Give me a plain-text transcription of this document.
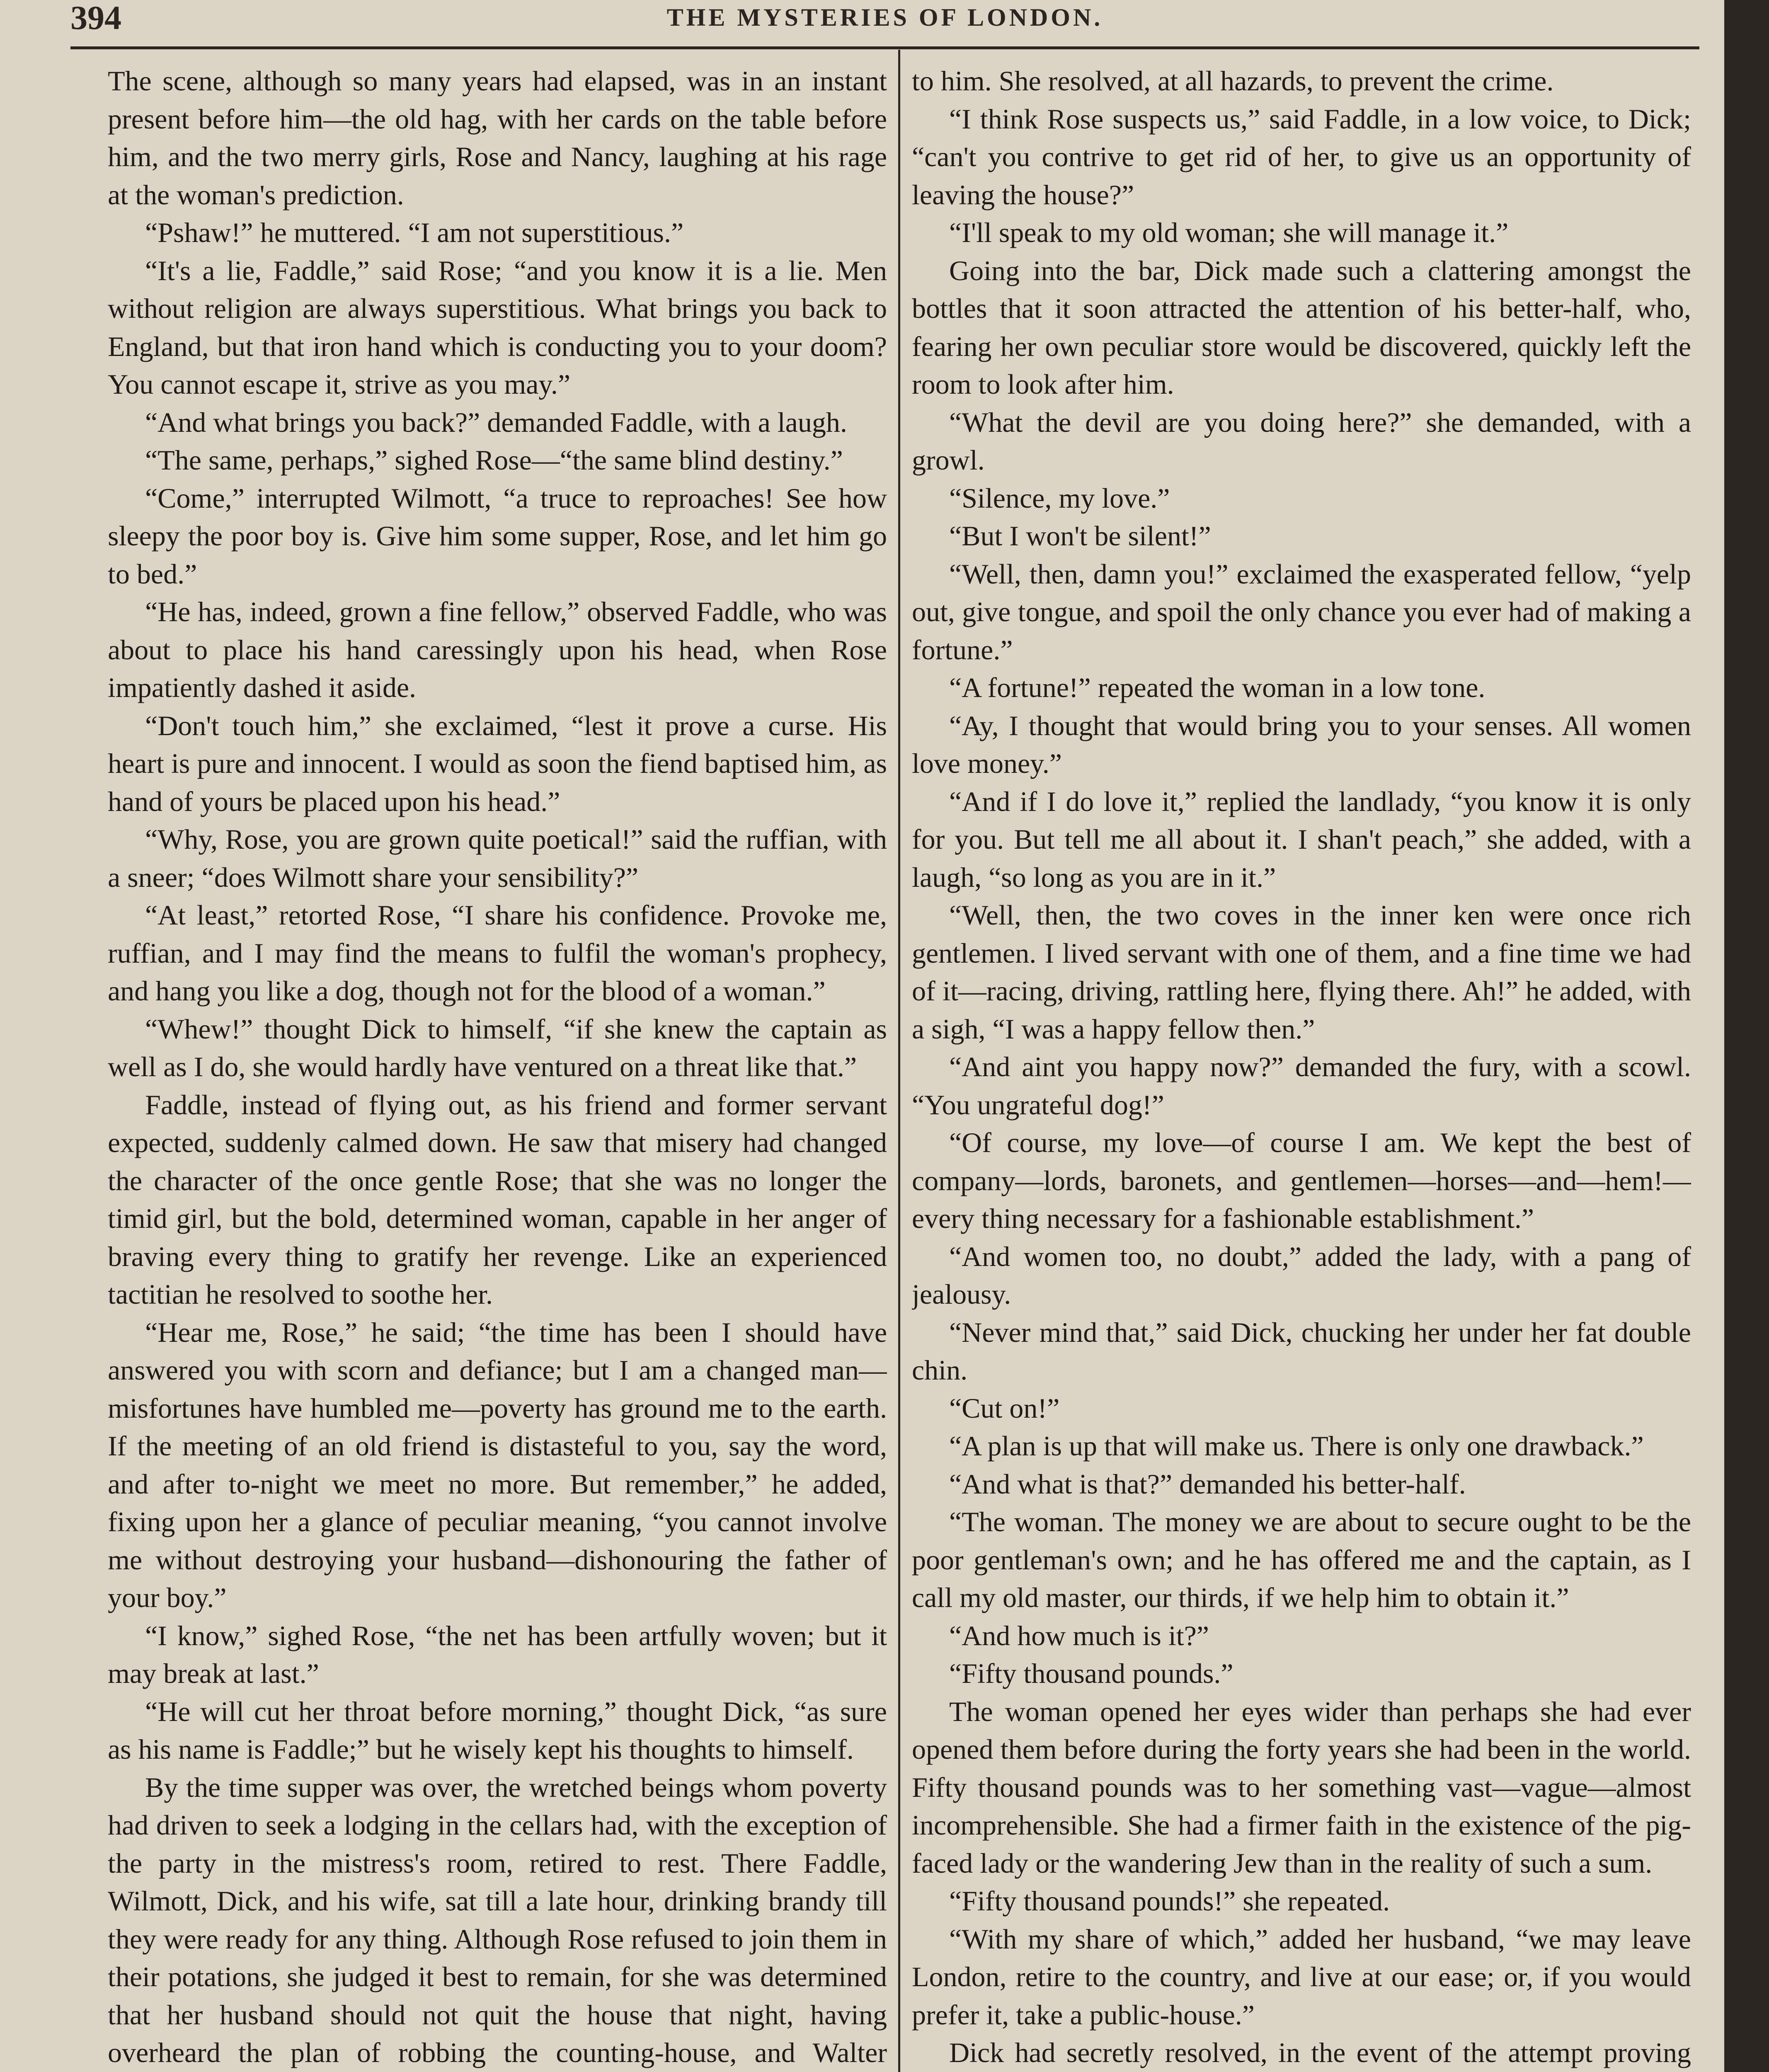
394	THE MYSTERIES OF LONDON.

The scene, although so many years had elapsed, was in an instant present before him—the old hag, with her cards on the table before him, and the two merry girls, Rose and Nancy, laughing at his rage at the woman's prediction.

“Pshaw!” he muttered. “I am not superstitious.”

“It's a lie, Faddle,” said Rose; “and you know it is a lie. Men without religion are always superstitious. What brings you back to England, but that iron hand which is conducting you to your doom? You cannot escape it, strive as you may.”

“And what brings you back?” demanded Faddle, with a laugh.

“The same, perhaps,” sighed Rose—“the same blind destiny.”

“Come,” interrupted Wilmott, “a truce to reproaches! See how sleepy the poor boy is. Give him some supper, Rose, and let him go to bed.”

“He has, indeed, grown a fine fellow,” observed Faddle, who was about to place his hand caressingly upon his head, when Rose impatiently dashed it aside.

“Don't touch him,” she exclaimed, “lest it prove a curse. His heart is pure and innocent. I would as soon the fiend baptised him, as hand of yours be placed upon his head.”

“Why, Rose, you are grown quite poetical!” said the ruffian, with a sneer; “does Wilmott share your sensibility?”

“At least,” retorted Rose, “I share his confidence. Provoke me, ruffian, and I may find the means to fulfil the woman's prophecy, and hang you like a dog, though not for the blood of a woman.”

“Whew!” thought Dick to himself, “if she knew the captain as well as I do, she would hardly have ventured on a threat like that.”

Faddle, instead of flying out, as his friend and former servant expected, suddenly calmed down. He saw that misery had changed the character of the once gentle Rose; that she was no longer the timid girl, but the bold, determined woman, capable in her anger of braving every thing to gratify her revenge. Like an experienced tactitian he resolved to soothe her.

“Hear me, Rose,” he said; “the time has been I should have answered you with scorn and defiance; but I am a changed man—misfortunes have humbled me—poverty has ground me to the earth. If the meeting of an old friend is distasteful to you, say the word, and after to-night we meet no more. But remember,” he added, fixing upon her a glance of peculiar meaning, “you cannot involve me without destroying your husband—dishonouring the father of your boy.”

“I know,” sighed Rose, “the net has been artfully woven; but it may break at last.”

“He will cut her throat before morning,” thought Dick, “as sure as his name is Faddle;” but he wisely kept his thoughts to himself.

By the time supper was over, the wretched beings whom poverty had driven to seek a lodging in the cellars had, with the exception of the party in the mistress's room, retired to rest. There Faddle, Wilmott, Dick, and his wife, sat till a late hour, drinking brandy till they were ready for any thing. Although Rose refused to join them in their potations, she judged it best to remain, for she was determined that her husband should not quit the house that night, having overheard the plan of robbing the counting-house, and Walter

to him. She resolved, at all hazards, to prevent the crime.

“I think Rose suspects us,” said Faddle, in a low voice, to Dick; “can't you contrive to get rid of her, to give us an opportunity of leaving the house?”

“I'll speak to my old woman; she will manage it.”

Going into the bar, Dick made such a clattering amongst the bottles that it soon attracted the attention of his better-half, who, fearing her own peculiar store would be discovered, quickly left the room to look after him.

“What the devil are you doing here?” she demanded, with a growl.

“Silence, my love.”

“But I won't be silent!”

“Well, then, damn you!” exclaimed the exasperated fellow, “yelp out, give tongue, and spoil the only chance you ever had of making a fortune.”

“A fortune!” repeated the woman in a low tone.

“Ay, I thought that would bring you to your senses. All women love money.”

“And if I do love it,” replied the landlady, “you know it is only for you. But tell me all about it. I shan't peach,” she added, with a laugh, “so long as you are in it.”

“Well, then, the two coves in the inner ken were once rich gentlemen. I lived servant with one of them, and a fine time we had of it—racing, driving, rattling here, flying there. Ah!” he added, with a sigh, “I was a happy fellow then.”

“And aint you happy now?” demanded the fury, with a scowl. “You ungrateful dog!”

“Of course, my love—of course I am. We kept the best of company—lords, baronets, and gentlemen—horses—and—hem!—every thing necessary for a fashionable establishment.”

“And women too, no doubt,” added the lady, with a pang of jealousy.

“Never mind that,” said Dick, chucking her under her fat double chin.

“Cut on!”

“A plan is up that will make us. There is only one drawback.”

“And what is that?” demanded his better-half.

“The woman. The money we are about to secure ought to be the poor gentleman's own; and he has offered me and the captain, as I call my old master, our thirds, if we help him to obtain it.”

“And how much is it?”

“Fifty thousand pounds.”

The woman opened her eyes wider than perhaps she had ever opened them before during the forty years she had been in the world. Fifty thousand pounds was to her something vast—vague—almost incomprehensible. She had a firmer faith in the existence of the pig-faced lady or the wandering Jew than in the reality of such a sum.

“Fifty thousand pounds!” she repeated.

“With my share of which,” added her husband, “we may leave London, retire to the country, and live at our ease; or, if you would prefer it, take a public-house.”

Dick had secretly resolved, in the event of the attempt proving
